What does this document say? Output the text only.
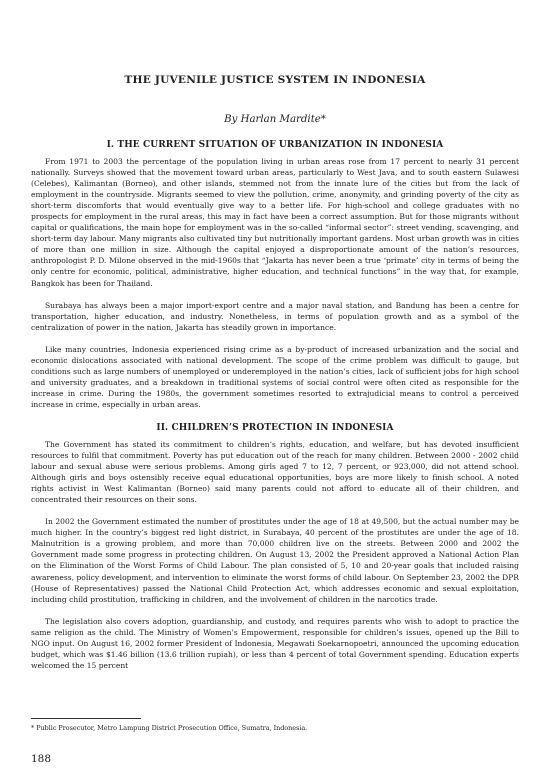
THE JUVENILE JUSTICE SYSTEM IN INDONESIA
By Harlan Mardite*
I. THE CURRENT SITUATION OF URBANIZATION IN INDONESIA

From 1971 to 2003 the percentage of the population living in urban areas rose from 17 percent to nearly 31 percent nationally. Surveys showed that the movement toward urban areas, particularly to West Java, and to south eastern Sulawesi (Celebes), Kalimantan (Borneo), and other islands, stemmed not from the innate lure of the cities but from the lack of employment in the countryside. Migrants seemed to view the pollution, crime, anonymity, and grinding poverty of the city as short-term discomforts that would eventually give way to a better life. For high-school and college graduates with no prospects for employment in the rural areas, this may in fact have been a correct assumption. But for those migrants without capital or qualifications, the main hope for employment was in the so-called “informal sector”: street vending, scavenging, and short-term day labour. Many migrants also cultivated tiny but nutritionally important gardens. Most urban growth was in cities of more than one million in size. Although the capital enjoyed a disproportionate amount of the nation’s resources, anthropologist P. D. Milone observed in the mid-1960s that “Jakarta has never been a true ‘primate’ city in terms of being the only centre for economic, political, administrative, higher education, and technical functions” in the way that, for example, Bangkok has been for Thailand.

Surabaya has always been a major import-export centre and a major naval station, and Bandung has been a centre for transportation, higher education, and industry. Nonetheless, in terms of population growth and as a symbol of the centralization of power in the nation, Jakarta has steadily grown in importance.

Like many countries, Indonesia experienced rising crime as a by-product of increased urbanization and the social and economic dislocations associated with national development. The scope of the crime problem was difficult to gauge, but conditions such as large numbers of unemployed or underemployed in the nation’s cities, lack of sufficient jobs for high school and university graduates, and a breakdown in traditional systems of social control were often cited as responsible for the increase in crime. During the 1980s, the government sometimes resorted to extrajudicial means to control a perceived increase in crime, especially in urban areas.

II. CHILDREN’S PROTECTION IN INDONESIA

The Government has stated its commitment to children’s rights, education, and welfare, but has devoted insufficient resources to fulfil that commitment. Poverty has put education out of the reach for many children. Between 2000 - 2002 child labour and sexual abuse were serious problems. Among girls aged 7 to 12, 7 percent, or 923,000, did not attend school. Although girls and boys ostensibly receive equal educational opportunities, boys are more likely to finish school. A noted rights activist in West Kalimantan (Borneo) said many parents could not afford to educate all of their children, and concentrated their resources on their sons.

In 2002 the Government estimated the number of prostitutes under the age of 18 at 49,500, but the actual number may be much higher. In the country’s biggest red light district, in Surabaya, 40 percent of the prostitutes are under the age of 18. Malnutrition is a growing problem, and more than 70,000 children live on the streets. Between 2000 and 2002 the Government made some progress in protecting children. On August 13, 2002 the President approved a National Action Plan on the Elimination of the Worst Forms of Child Labour. The plan consisted of 5, 10 and 20-year goals that included raising awareness, policy development, and intervention to eliminate the worst forms of child labour. On September 23, 2002 the DPR (House of Representatives) passed the National Child Protection Act, which addresses economic and sexual exploitation, including child prostitution, trafficking in children, and the involvement of children in the narcotics trade.

The legislation also covers adoption, guardianship, and custody, and requires parents who wish to adopt to practice the same religion as the child. The Ministry of Women’s Empowerment, responsible for children’s issues, opened up the Bill to NGO input. On August 16, 2002 former President of Indonesia, Megawati Soekarnopoetri, announced the upcoming education budget, which was $1.46 billion (13.6 trillion rupiah), or less than 4 percent of total Government spending. Education experts welcomed the 15 percent

* Public Prosecutor, Metro Lampung District Prosecution Office, Sumatra, Indonesia.
188
